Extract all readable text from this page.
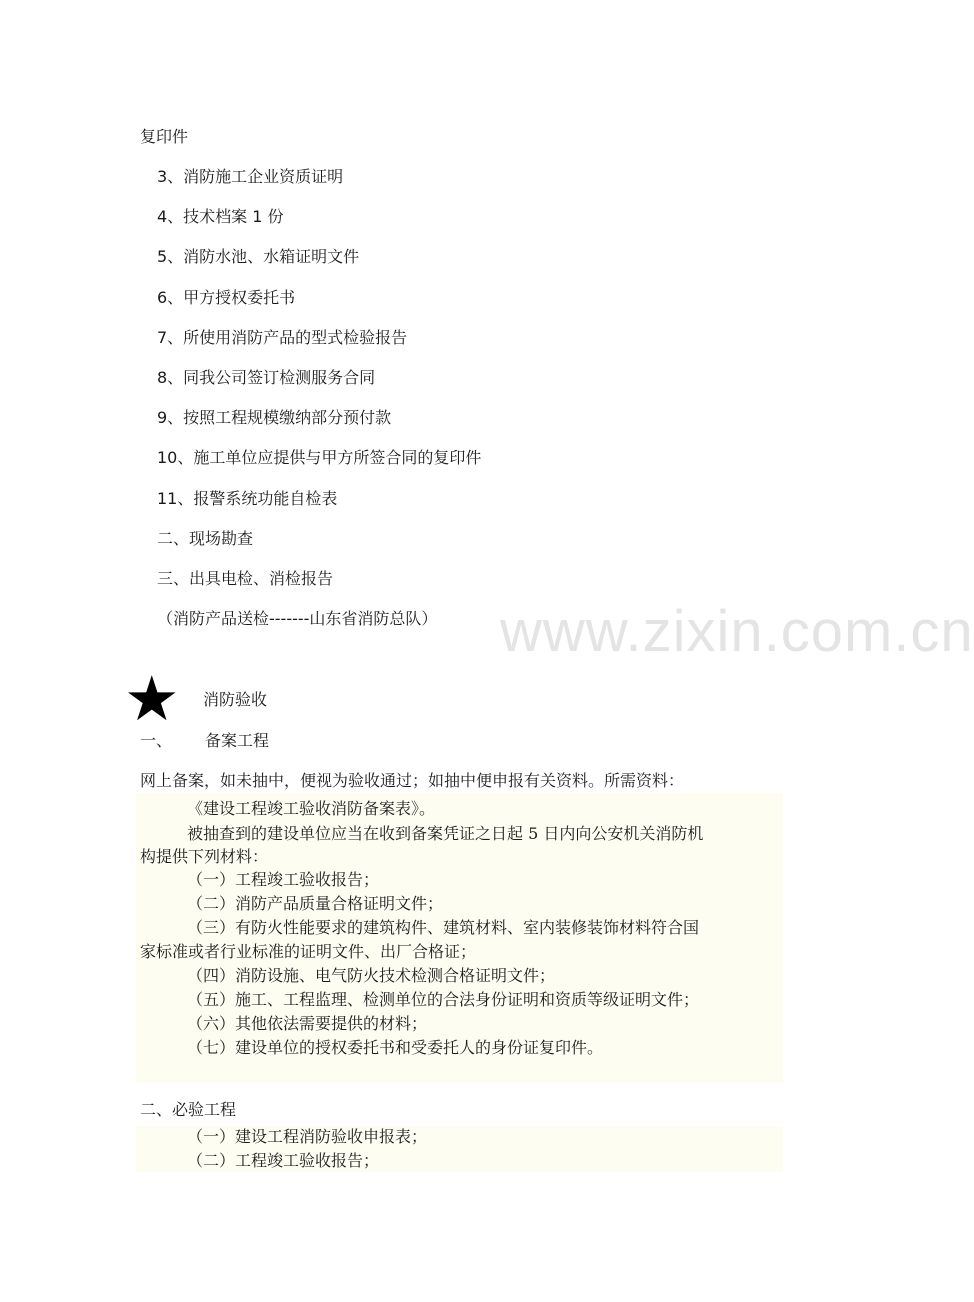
www.zixin.com.cn
复印件
3、消防施工企业资质证明
4、技术档案 1 份
5、消防水池、水箱证明文件
6、甲方授权委托书
7、所使用消防产品的型式检验报告
8、同我公司签订检测服务合同
9、按照工程规模缴纳部分预付款
10、施工单位应提供与甲方所签合同的复印件
11、报警系统功能自检表
二、现场勘查
三、出具电检、消检报告
（消防产品送检-------山东省消防总队）
★ 消防验收
一、 备案工程
网上备案，如未抽中，便视为验收通过；如抽中便申报有关资料。所需资料：
《建设工程竣工验收消防备案表》。
被抽查到的建设单位应当在收到备案凭证之日起 5 日内向公安机关消防机
构提供下列材料：
（一）工程竣工验收报告；
（二）消防产品质量合格证明文件；
（三）有防火性能要求的建筑构件、建筑材料、室内装修装饰材料符合国
家标准或者行业标准的证明文件、出厂合格证；
（四）消防设施、电气防火技术检测合格证明文件；
（五）施工、工程监理、检测单位的合法身份证明和资质等级证明文件；
（六）其他依法需要提供的材料；
（七）建设单位的授权委托书和受委托人的身份证复印件。
二、必验工程
（一）建设工程消防验收申报表；
（二）工程竣工验收报告；
